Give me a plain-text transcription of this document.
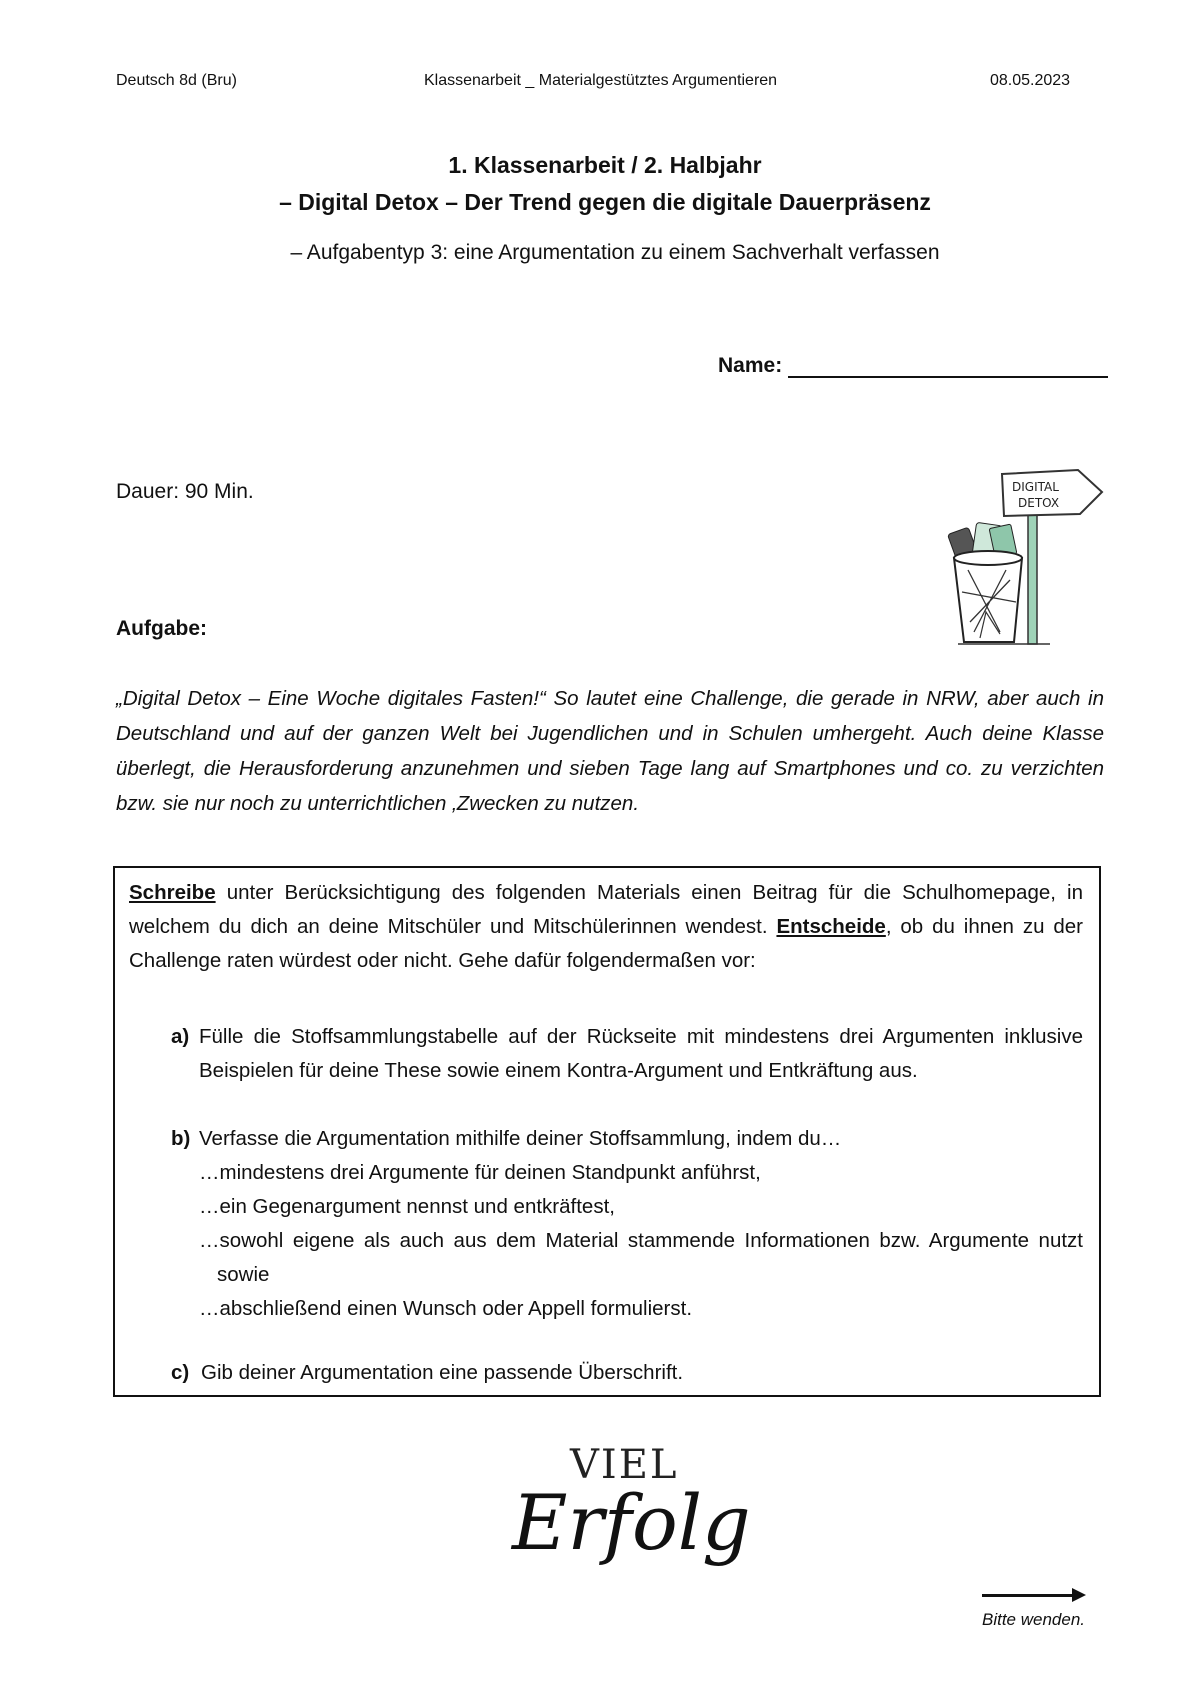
Deutsch 8d (Bru)	Klassenarbeit _ Materialgestütztes Argumentieren	08.05.2023
1. Klassenarbeit / 2. Halbjahr
– Digital Detox – Der Trend gegen die digitale Dauerpräsenz
– Aufgabentyp 3: eine Argumentation zu einem Sachverhalt verfassen
Name:
Dauer: 90 Min.	DIGITAL
DETOX
Aufgabe:
„Digital Detox – Eine Woche digitales Fasten!“ So lautet eine Challenge, die gerade in NRW, aber auch in Deutschland und auf der ganzen Welt bei Jugendlichen und in Schulen umhergeht. Auch deine Klasse überlegt, die Herausforderung anzunehmen und sieben Tage lang auf Smartphones und co. zu verzichten bzw. sie nur noch zu unterrichtlichen ‚Zwecken zu nutzen.
Schreibe unter Berücksichtigung des folgenden Materials einen Beitrag für die Schulhomepage, in welchem du dich an deine Mitschüler und Mitschülerinnen wendest. Entscheide, ob du ihnen zu der Challenge raten würdest oder nicht. Gehe dafür folgendermaßen vor:
a) Fülle die Stoffsammlungstabelle auf der Rückseite mit mindestens drei Argumenten inklusive Beispielen für deine These sowie einem Kontra-Argument und Entkräftung aus.
b) Verfasse die Argumentation mithilfe deiner Stoffsammlung, indem du…
…mindestens drei Argumente für deinen Standpunkt anführst,
…ein Gegenargument nennst und entkräftest,
…sowohl eigene als auch aus dem Material stammende Informationen bzw. Argumente nutzt sowie
…abschließend einen Wunsch oder Appell formulierst.
c) Gib deiner Argumentation eine passende Überschrift.
VIEL
Erfolg
Bitte wenden.
